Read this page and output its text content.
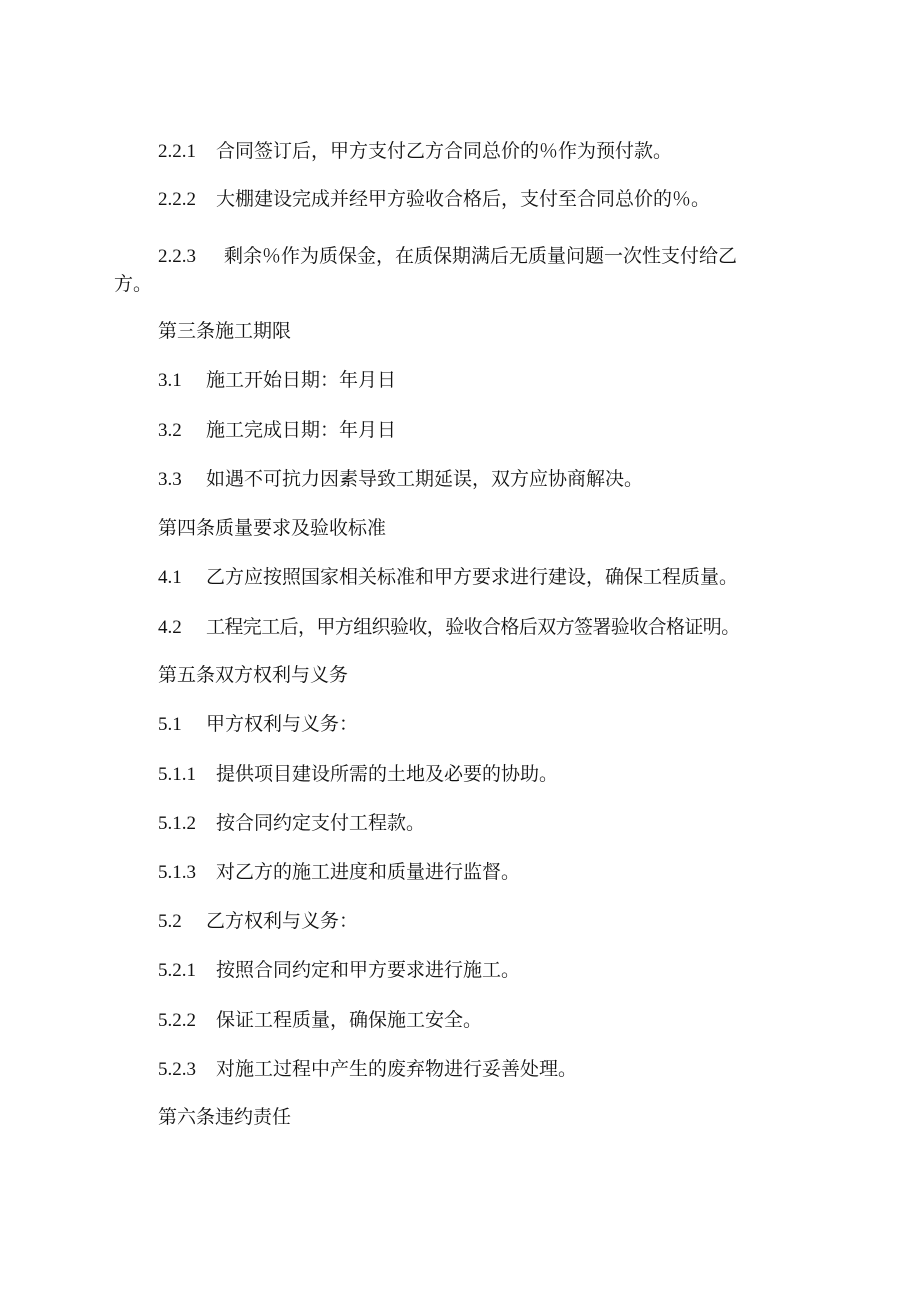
2.2.1 合同签订后，甲方支付乙方合同总价的％作为预付款。
2.2.2 大棚建设完成并经甲方验收合格后，支付至合同总价的％。
2.2.3 剩余％作为质保金，在质保期满后无质量问题一次性支付给乙
方。
第三条施工期限
3.1 施工开始日期：年月日
3.2 施工完成日期：年月日
3.3 如遇不可抗力因素导致工期延误，双方应协商解决。
第四条质量要求及验收标准
4.1 乙方应按照国家相关标准和甲方要求进行建设，确保工程质量。
4.2 工程完工后，甲方组织验收，验收合格后双方签署验收合格证明。
第五条双方权利与义务
5.1 甲方权利与义务：
5.1.1 提供项目建设所需的土地及必要的协助。
5.1.2 按合同约定支付工程款。
5.1.3 对乙方的施工进度和质量进行监督。
5.2 乙方权利与义务：
5.2.1 按照合同约定和甲方要求进行施工。
5.2.2 保证工程质量，确保施工安全。
5.2.3 对施工过程中产生的废弃物进行妥善处理。
第六条违约责任
